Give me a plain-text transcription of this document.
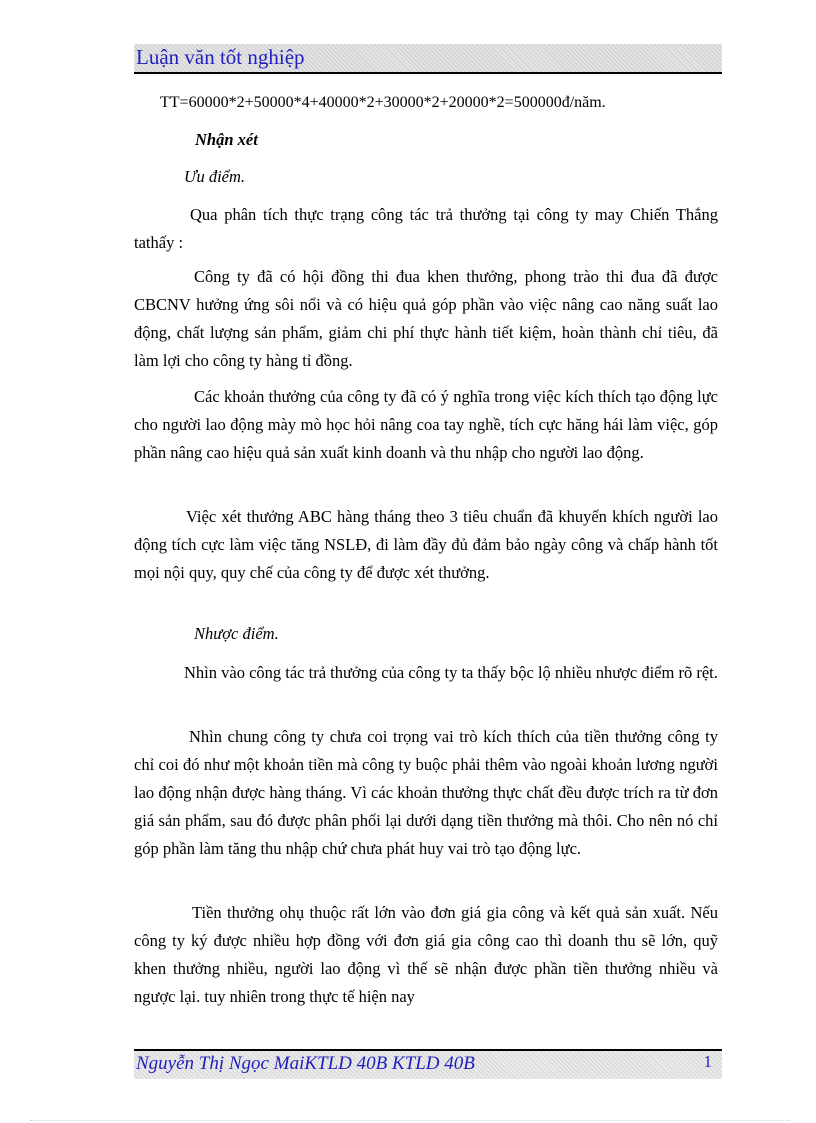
Luận văn tốt nghiệp
TT=60000*2+50000*4+40000*2+30000*2+20000*2=500000đ/năm.
Nhận xét
Ưu điểm.
Qua phân tích thực trạng công tác trả thưởng tại công ty may Chiến Thắng tathấy :
Công ty đã có hội đồng thi đua khen thưởng, phong trào thi đua đã được CBCNV hưởng ứng sôi nổi và có hiệu quả góp phần vào việc nâng cao năng suất lao động, chất lượng sản phẩm, giảm chi phí thực hành tiết kiệm, hoàn thành chỉ tiêu, đã làm lợi cho công ty hàng tỉ đồng.
Các khoản thưởng của công ty đã có ý nghĩa trong việc kích thích tạo động lực cho người lao động mày mò học hỏi nâng coa tay nghề, tích cực hăng hái làm việc, góp phần nâng cao hiệu quả sản xuất kinh doanh và thu nhập cho người lao động.
Việc xét thưởng ABC hàng tháng theo 3 tiêu chuẩn đã khuyến khích người lao động tích cực làm việc tăng NSLĐ, đi làm đầy đủ đảm bảo ngày công và chấp hành tốt mọi nội quy, quy chế của công ty để được xét thưởng.
Nhược điểm.
Nhìn vào công tác trả thưởng của công ty ta thấy bộc lộ nhiều nhược điểm rõ rệt.
Nhìn chung công ty chưa coi trọng vai trò kích thích của tiền thưởng công ty chỉ coi đó như một khoản tiền mà công ty buộc phải thêm vào ngoài khoản lương người lao động nhận được hàng tháng. Vì các khoản thưởng thực chất đều được trích ra từ đơn giá sản phẩm, sau đó được phân phối lại dưới dạng tiền thưởng mà thôi. Cho nên nó chỉ góp phần làm tăng thu nhập chứ chưa phát huy vai trò tạo động lực.
Tiền thưởng ohụ thuộc rất lớn vào đơn giá gia công và kết quả sản xuất. Nếu công ty ký được nhiều hợp đồng với đơn giá gia công cao thì doanh thu sẽ lớn, quỹ khen thưởng nhiều, người lao động vì thế sẽ nhận được phần tiền thưởng nhiều và ngược lại. tuy nhiên trong thực tế hiện nay
Nguyễn Thị Ngọc MaiKTLD 40B KTLD 40B	1
